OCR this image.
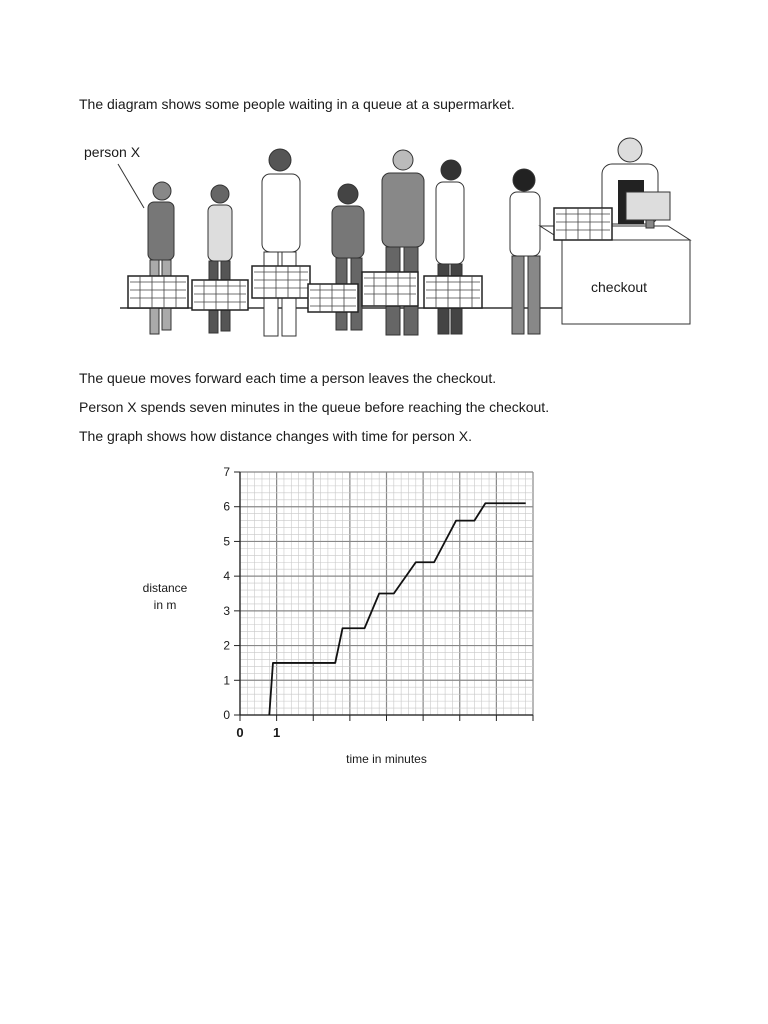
The diagram shows some people waiting in a queue at a supermarket.
person X
checkout
The queue moves forward each time a person leaves the checkout.
Person X spends seven minutes in the queue before reaching the checkout.
The graph shows how distance changes with time for person X.
0
1
2
3
4
5
6
7
0 1
time in minutes
distance
in m
